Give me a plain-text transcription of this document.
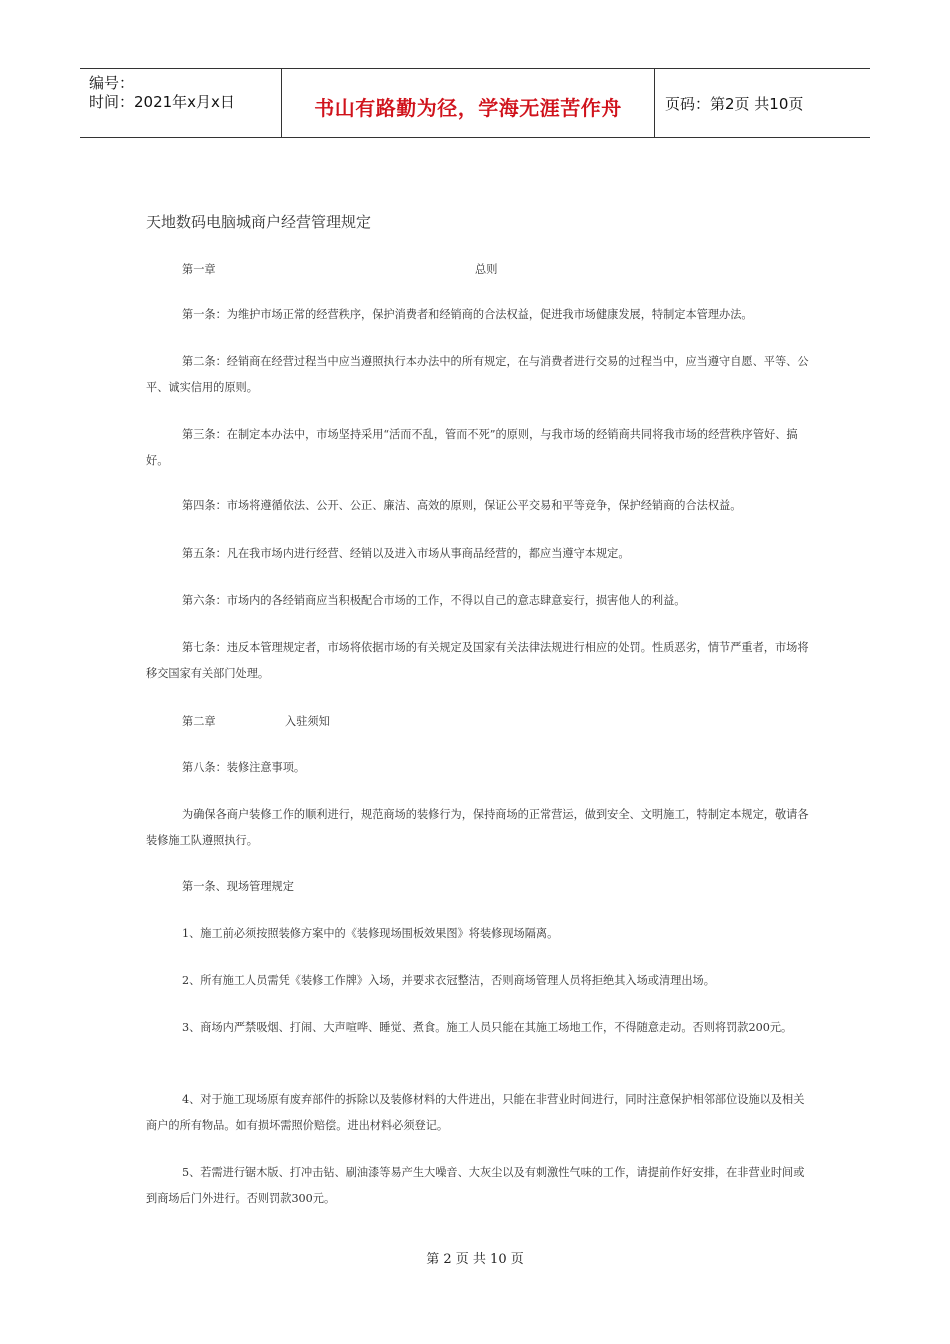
编号：
时间：2021年x月x日	书山有路勤为径，学海无涯苦作舟	页码：第2页 共10页
天地数码电脑城商户经营管理规定
第一章	总则
第一条：为维护市场正常的经营秩序，保护消费者和经销商的合法权益，促进我市场健康发展，特制定本管理办法。
第二条：经销商在经营过程当中应当遵照执行本办法中的所有规定，在与消费者进行交易的过程当中，应当遵守自愿、平等、公平、诚实信用的原则。
第三条：在制定本办法中，市场坚持采用“活而不乱，管而不死”的原则，与我市场的经销商共同将我市场的经营秩序管好、搞好。
第四条：市场将遵循依法、公开、公正、廉洁、高效的原则，保证公平交易和平等竞争，保护经销商的合法权益。
第五条：凡在我市场内进行经营、经销以及进入市场从事商品经营的，都应当遵守本规定。
第六条：市场内的各经销商应当积极配合市场的工作，不得以自己的意志肆意妄行，损害他人的利益。
第七条：违反本管理规定者，市场将依据市场的有关规定及国家有关法律法规进行相应的处罚。性质恶劣，情节严重者，市场将移交国家有关部门处理。
第二章	入驻须知
第八条：装修注意事项。
为确保各商户装修工作的顺利进行，规范商场的装修行为，保持商场的正常营运，做到安全、文明施工，特制定本规定，敬请各装修施工队遵照执行。
第一条、现场管理规定
1、施工前必须按照装修方案中的《装修现场围板效果图》将装修现场隔离。
2、所有施工人员需凭《装修工作牌》入场，并要求衣冠整洁，否则商场管理人员将拒绝其入场或清理出场。
3、商场内严禁吸烟、打闹、大声喧哗、睡觉、煮食。施工人员只能在其施工场地工作，不得随意走动。否则将罚款200元。
4、对于施工现场原有废弃部件的拆除以及装修材料的大件进出，只能在非营业时间进行，同时注意保护相邻部位设施以及相关商户的所有物品。如有损坏需照价赔偿。进出材料必须登记。
5、若需进行锯木版、打冲击钻、刷油漆等易产生大噪音、大灰尘以及有刺激性气味的工作，请提前作好安排，在非营业时间或到商场后门外进行。否则罚款300元。
第 2 页 共 10 页
